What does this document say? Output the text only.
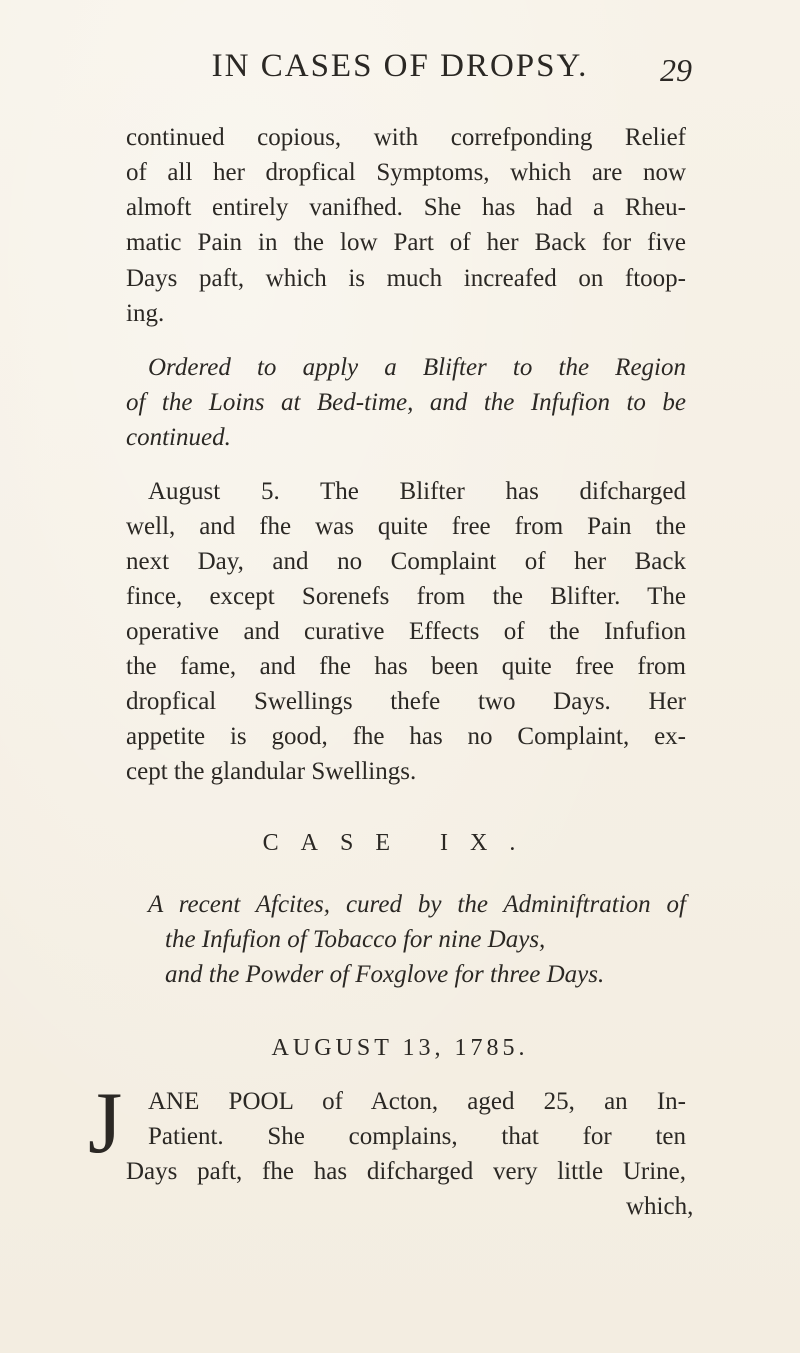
IN CASES OF DROPSY.	29
continued copious, with correfponding Relief
of all her dropfical Symptoms, which are now
almoft entirely vanifhed. She has had a Rheu-
matic Pain in the low Part of her Back for five
Days paft, which is much increafed on ftoop-
ing.
Ordered to apply a Blifter to the Region
of the Loins at Bed-time, and the Infufion to be
continued.
August 5. The Blifter has difcharged
well, and fhe was quite free from Pain the
next Day, and no Complaint of her Back
fince, except Sorenefs from the Blifter. The
operative and curative Effects of the Infufion
the fame, and fhe has been quite free from
dropfical Swellings thefe two Days. Her
appetite is good, fhe has no Complaint, ex-
cept the glandular Swellings.
CASE IX.
A recent Afcites, cured by the Adminiftration of
the Infufion of Tobacco for nine Days,
and the Powder of Foxglove for three Days.
AUGUST 13, 1785.
J ANE POOL of Acton, aged 25, an In-
Patient. She complains, that for ten
Days paft, fhe has difcharged very little Urine,
which,
